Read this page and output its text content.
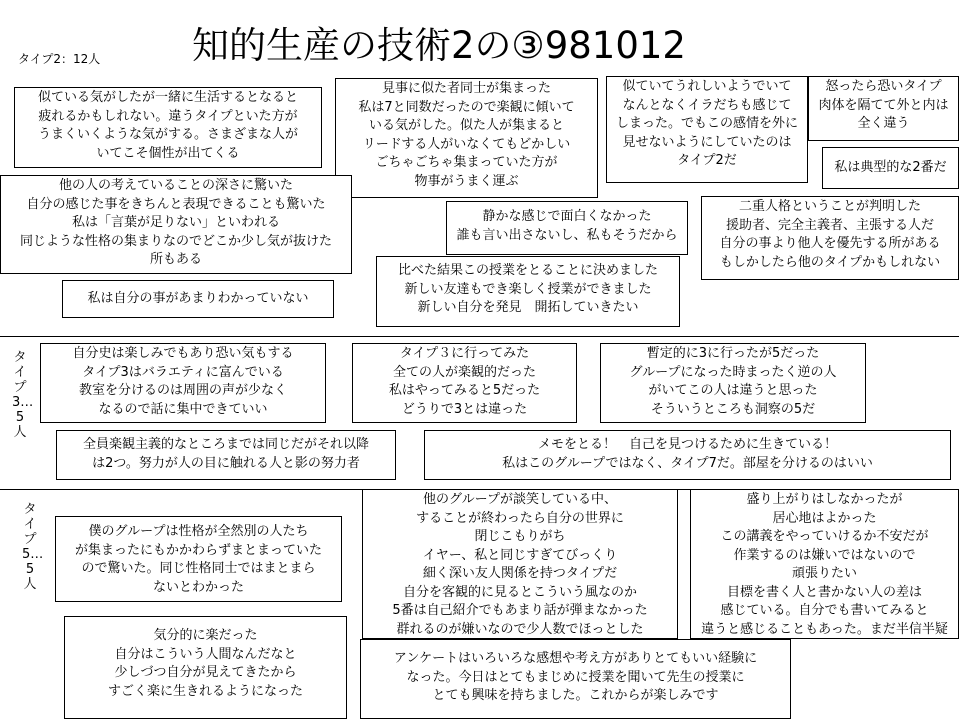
知的生産の技術2の③981012
タイプ2：12人
タイプ3…5人
タイプ5…5人
似ている気がしたが一緒に生活するとなると
疲れるかもしれない。違うタイプといた方が
うまくいくような気がする。さまざまな人が
いてこそ個性が出てくる
見事に似た者同士が集まった
私は7と同数だったので楽観に傾いて
いる気がした。似た人が集まると
リードする人がいなくてもどかしい
ごちゃごちゃ集まっていた方が
物事がうまく運ぶ
似ていてうれしいようでいて
なんとなくイラだちも感じて
しまった。でもこの感情を外に
見せないようにしていたのは
タイプ2だ
怒ったら恐いタイプ
肉体を隔てて外と内は
全く違う
私は典型的な2番だ
他の人の考えていることの深さに驚いた
自分の感じた事をきちんと表現できることも驚いた
私は「言葉が足りない」といわれる
同じような性格の集まりなのでどこか少し気が抜けた
所もある
静かな感じで面白くなかった
誰も言い出さないし、私もそうだから
二重人格ということが判明した
援助者、完全主義者、主張する人だ
自分の事より他人を優先する所がある
もしかしたら他のタイプかもしれない
比べた結果この授業をとることに決めました
新しい友達もでき楽しく授業ができました
新しい自分を発見　開拓していきたい
私は自分の事があまりわかっていない
自分史は楽しみでもあり恐い気もする
タイプ3はバラエティに富んでいる
教室を分けるのは周囲の声が少なく
なるので話に集中できていい
タイプ３に行ってみた
全ての人が楽観的だった
私はやってみると5だった
どうりで3とは違った
暫定的に3に行ったが5だった
グループになった時まったく逆の人
がいてこの人は違うと思った
そういうところも洞察の5だ
全員楽観主義的なところまでは同じだがそれ以降
は2つ。努力が人の目に触れる人と影の努力者
メモをとる！　自己を見つけるために生きている！
私はこのグループではなく、タイプ7だ。部屋を分けるのはいい
僕のグループは性格が全然別の人たち
が集まったにもかかわらずまとまっていた
ので驚いた。同じ性格同士ではまとまら
ないとわかった
他のグループが談笑している中、
することが終わったら自分の世界に
閉じこもりがち
イヤー、私と同じすぎてびっくり
細く深い友人関係を持つタイプだ
自分を客観的に見るとこういう風なのか
5番は自己紹介でもあまり話が弾まなかった
群れるのが嫌いなので少人数でほっとした
盛り上がりはしなかったが
居心地はよかった
この講義をやっていけるか不安だが
作業するのは嫌いではないので
頑張りたい
目標を書く人と書かない人の差は
感じている。自分でも書いてみると
違うと感じることもあった。まだ半信半疑
気分的に楽だった
自分はこういう人間なんだなと
少しづつ自分が見えてきたから
すごく楽に生きれるようになった
アンケートはいろいろな感想や考え方がありとてもいい経験に
なった。今日はとてもまじめに授業を聞いて先生の授業に
とても興味を持ちました。これからが楽しみです
